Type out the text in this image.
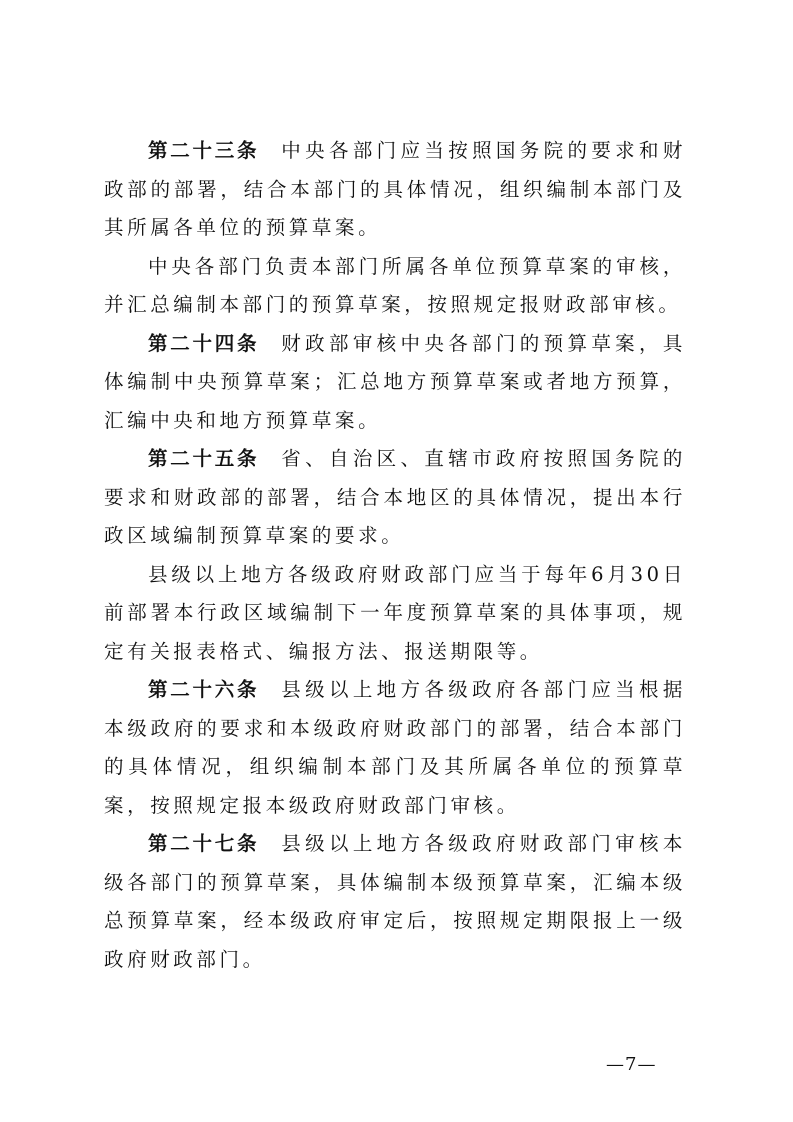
第二十三条 中央各部门应当按照国务院的要求和财政部的部署，结合本部门的具体情况，组织编制本部门及其所属各单位的预算草案。

中央各部门负责本部门所属各单位预算草案的审核，并汇总编制本部门的预算草案，按照规定报财政部审核。

第二十四条 财政部审核中央各部门的预算草案，具体编制中央预算草案；汇总地方预算草案或者地方预算，汇编中央和地方预算草案。

第二十五条 省、自治区、直辖市政府按照国务院的要求和财政部的部署，结合本地区的具体情况，提出本行政区域编制预算草案的要求。

县级以上地方各级政府财政部门应当于每年6月30日前部署本行政区域编制下一年度预算草案的具体事项，规定有关报表格式、编报方法、报送期限等。

第二十六条 县级以上地方各级政府各部门应当根据本级政府的要求和本级政府财政部门的部署，结合本部门的具体情况，组织编制本部门及其所属各单位的预算草案，按照规定报本级政府财政部门审核。

第二十七条 县级以上地方各级政府财政部门审核本级各部门的预算草案，具体编制本级预算草案，汇编本级总预算草案，经本级政府审定后，按照规定期限报上一级政府财政部门。

—7—
